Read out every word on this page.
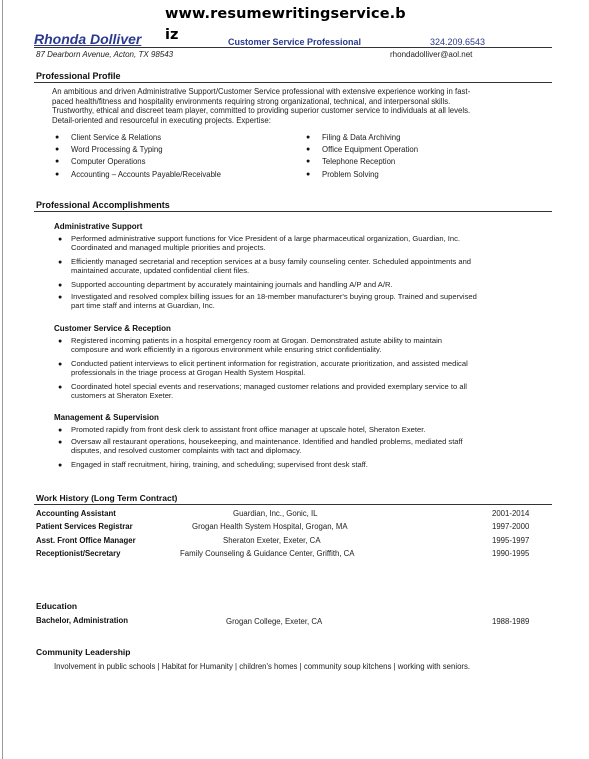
www.resumewritingservice.b
iz
Rhonda Dolliver	Customer Service Professional	324.209.6543
87 Dearborn Avenue, Acton, TX 98543	rhondadolliver@aol.net
Professional Profile
An ambitious and driven Administrative Support/Customer Service professional with extensive experience working in fast-
paced health/fitness and hospitality environments requiring strong organizational, technical, and interpersonal skills.
Trustworthy, ethical and discreet team player, committed to providing superior customer service to individuals at all levels.
Detail-oriented and resourceful in executing projects. Expertise:
● Client Service & Relations
● Word Processing & Typing
● Computer Operations
● Accounting – Accounts Payable/Receivable
● Filing & Data Archiving
● Office Equipment Operation
● Telephone Reception
● Problem Solving
Professional Accomplishments
Administrative Support
● Performed administrative support functions for Vice President of a large pharmaceutical organization, Guardian, Inc.
Coordinated and managed multiple priorities and projects.
● Efficiently managed secretarial and reception services at a busy family counseling center. Scheduled appointments and
maintained accurate, updated confidential client files.
● Supported accounting department by accurately maintaining journals and handling A/P and A/R.
● Investigated and resolved complex billing issues for an 18-member manufacturer's buying group. Trained and supervised
part time staff and interns at Guardian, Inc.
Customer Service & Reception
● Registered incoming patients in a hospital emergency room at Grogan. Demonstrated astute ability to maintain
composure and work efficiently in a rigorous environment while ensuring strict confidentiality.
● Conducted patient interviews to elicit pertinent information for registration, accurate prioritization, and assisted medical
professionals in the triage process at Grogan Health System Hospital.
● Coordinated hotel special events and reservations; managed customer relations and provided exemplary service to all
customers at Sheraton Exeter.
Management & Supervision
● Promoted rapidly from front desk clerk to assistant front office manager at upscale hotel, Sheraton Exeter.
● Oversaw all restaurant operations, housekeeping, and maintenance. Identified and handled problems, mediated staff
disputes, and resolved customer complaints with tact and diplomacy.
● Engaged in staff recruitment, hiring, training, and scheduling; supervised front desk staff.
Work History (Long Term Contract)
Accounting Assistant	Guardian, Inc., Gonic, IL	2001-2014
Patient Services Registrar	Grogan Health System Hospital, Grogan, MA	1997-2000
Asst. Front Office Manager	Sheraton Exeter, Exeter, CA	1995-1997
Receptionist/Secretary	Family Counseling & Guidance Center, Griffith, CA	1990-1995
Education
Bachelor, Administration	Grogan College, Exeter, CA	1988-1989
Community Leadership
Involvement in public schools | Habitat for Humanity | children's homes | community soup kitchens | working with seniors.
